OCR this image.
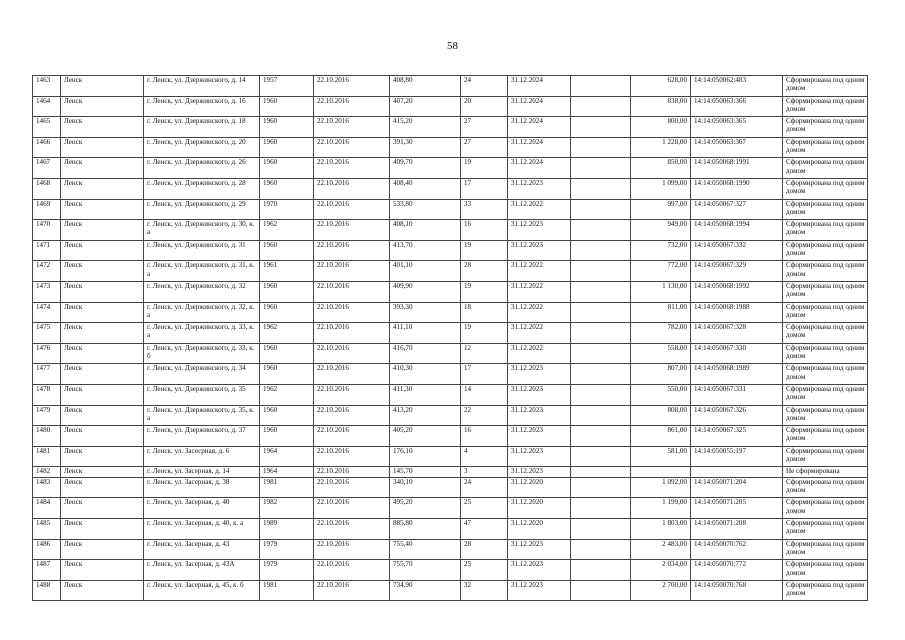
58
1463	Ленск	г. Ленск, ул. Дзержинского, д. 14	1957	22.10.2016	408,80	24	31.12.2024		628,00	14:14:050062:483	Сформирована под одним домом
1464	Ленск	г. Ленск, ул. Дзержинского, д. 16	1960	22.10.2016	407,20	20	31.12.2024		838,00	14:14:050063:366	Сформирована под одним домом
1465	Ленск	г. Ленск, ул. Дзержинского, д. 18	1960	22.10.2016	415,20	27	31.12.2024		800,00	14:14:050063:365	Сформирована под одним домом
1466	Ленск	г. Ленск, ул. Дзержинского, д. 20	1960	22.10.2016	391,30	27	31.12.2024		1 228,00	14:14:050063:367	Сформирована под одним домом
1467	Ленск	г. Ленск, ул. Дзержинского, д. 26	1960	22.10.2016	409,70	19	31.12.2024		850,00	14:14:050068:1991	Сформирована под одним домом
1468	Ленск	г. Ленск, ул. Дзержинского, д. 28	1960	22.10.2016	408,40	17	31.12.2023		1 099,00	14:14:050068:1990	Сформирована под одним домом
1469	Ленск	г. Ленск, ул. Дзержинского, д. 29	1970	22.10.2016	533,80	33	31.12.2022		997,00	14:14:050067:327	Сформирована под одним домом
1470	Ленск	г. Ленск, ул. Дзержинского, д. 30, к. а	1962	22.10.2016	408,10	16	31.12.2023		949,00	14:14:050068:1994	Сформирована под одним домом
1471	Ленск	г. Ленск, ул. Дзержинского, д. 31	1960	22.10.2016	413,70	19	31.12.2023		732,00	14:14:050067:332	Сформирована под одним домом
1472	Ленск	г. Ленск, ул. Дзержинского, д. 31, к. а	1961	22.10.2016	401,10	28	31.12.2022		772,00	14:14:050067:329	Сформирована под одним домом
1473	Ленск	г. Ленск, ул. Дзержинского, д. 32	1960	22.10.2016	409,90	19	31.12.2022		1 130,00	14:14:050068:1992	Сформирована под одним домом
1474	Ленск	г. Ленск, ул. Дзержинского, д. 32, к. а	1960	22.10.2016	393,30	18	31.12.2022		811,00	14:14:050068:1988	Сформирована под одним домом
1475	Ленск	г. Ленск, ул. Дзержинского, д. 33, к. а	1962	22.10.2016	411,10	19	31.12.2022		782,00	14:14:050067:328	Сформирована под одним домом
1476	Ленск	г. Ленск, ул. Дзержинского, д. 33, к. б	1960	22.10.2016	416,70	12	31.12.2022		558,00	14:14:050067:330	Сформирована под одним домом
1477	Ленск	г. Ленск, ул. Дзержинского, д. 34	1960	22.10.2016	410,30	17	31.12.2023		807,00	14:14:050068:1989	Сформирована под одним домом
1478	Ленск	г. Ленск, ул. Дзержинского, д. 35	1962	22.10.2016	411,30	14	31.12.2023		550,00	14:14:050067:331	Сформирована под одним домом
1479	Ленск	г. Ленск, ул. Дзержинского, д. 35, к. а	1960	22.10.2016	413,20	22	31.12.2023		808,00	14:14:050067:326	Сформирована под одним домом
1480	Ленск	г. Ленск, ул. Дзержинского, д. 37	1960	22.10.2016	405,20	16	31.12.2023		861,00	14:14:050067:325	Сформирована под одним домом
1481	Ленск	г. Ленск, ул. Засесрная, д. 6	1964	22.10.2016	176,10	4	31.12.2023		581,00	14:14:050055:197	Сформирована под одним домом
1482	Ленск	г. Ленск, ул. Засерная, д. 14	1964	22.10.2016	145,70	3	31.12.2023				Не сформирована
1483	Ленск	г. Ленск, ул. Засерная, д. 38	1981	22.10.2016	340,10	24	31.12.2020		1 092,00	14:14:050071:204	Сформирована под одним домом
1484	Ленск	г. Ленск, ул. Засерная, д. 40	1982	22.10.2016	495,20	25	31.12.2020		1 199,00	14:14:050071:205	Сформирована под одним домом
1485	Ленск	г. Ленск, ул. Засерная, д. 40, к. а	1989	22.10.2016	885,80	47	31.12.2020		1 803,00	14:14:050071:208	Сформирована под одним домом
1486	Ленск	г. Ленск, ул. Засерная, д. 43	1979	22.10.2016	755,40	28	31.12.2023		2 483,00	14:14:050070:762	Сформирована под одним домом
1487	Ленск	г. Ленск, ул. Засерная, д. 43А	1979	22.10.2016	755,70	25	31.12.2023		2 034,00	14:14:050070:772	Сформирована под одним домом
1488	Ленск	г. Ленск, ул. Засерная, д. 45, к. б	1981	22.10.2016	734,90	32	31.12.2023		2 700,00	14:14:050070:768	Сформирована под одним домом
